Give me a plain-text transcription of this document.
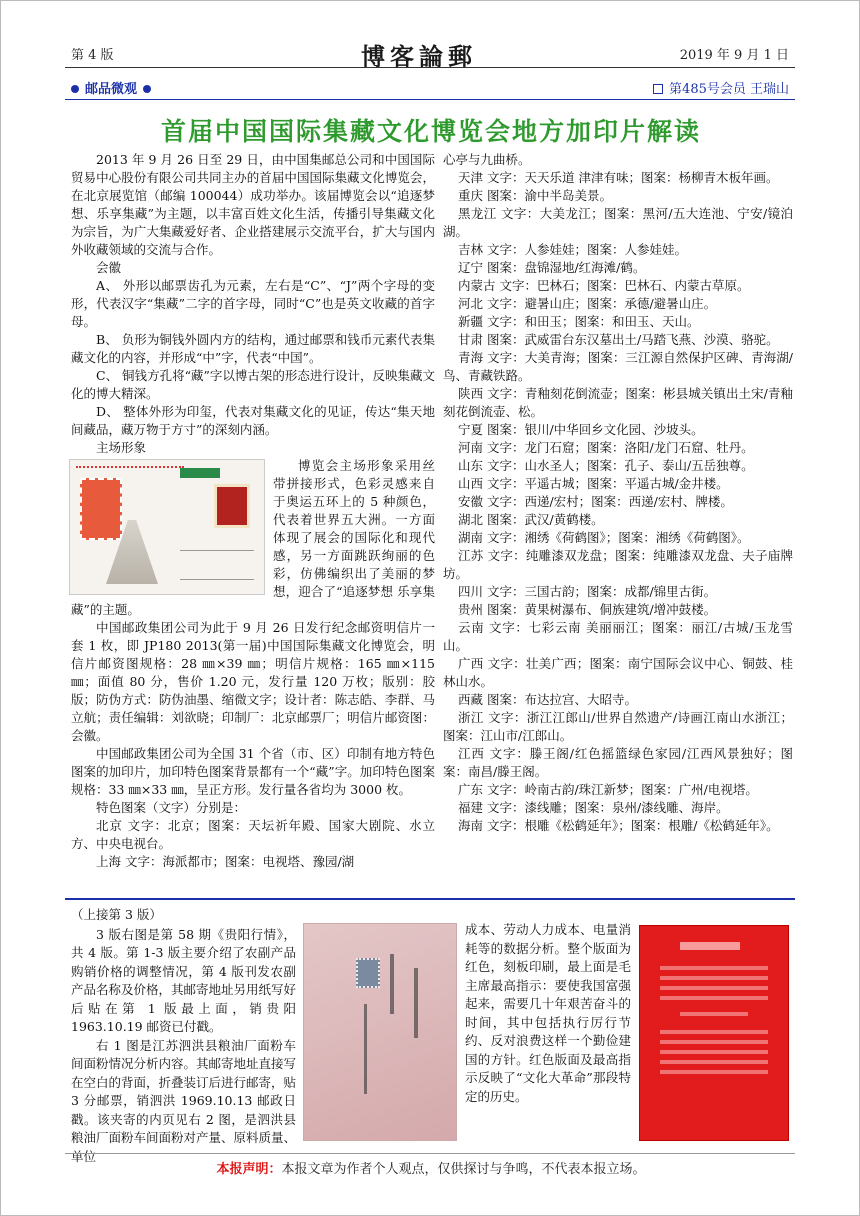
第 4 版	博客論郵	2019 年 9 月 1 日
邮品微观	第485号会员 王瑞山
首届中国国际集藏文化博览会地方加印片解读

2013 年 9 月 26 日至 29 日，由中国集邮总公司和中国国际贸易中心股份有限公司共同主办的首届中国国际集藏文化博览会，在北京展览馆（邮编 100044）成功举办。该届博览会以“追逐梦想、乐享集藏”为主题，以丰富百姓文化生活，传播引导集藏文化为宗旨，为广大集藏爱好者、企业搭建展示交流平台，扩大与国内外收藏领域的交流与合作。

会徽

A、 外形以邮票齿孔为元素，左右是“C”、“J”两个字母的变形，代表汉字“集藏”二字的首字母，同时“C”也是英文收藏的首字母。

B、 负形为铜钱外圆内方的结构，通过邮票和钱币元素代表集藏文化的内容，并形成“中”字，代表“中国”。

C、 铜钱方孔将“藏”字以博古架的形态进行设计，反映集藏文化的博大精深。

D、 整体外形为印玺，代表对集藏文化的见证，传达“集天地间藏品，藏万物于方寸”的深刻内涵。

主场形象

博览会主场形象采用丝带拼接形式，色彩灵感来自于奥运五环上的 5 种颜色，代表着世界五大洲。一方面体现了展会的国际化和现代感，另一方面跳跃绚丽的色彩，仿佛编织出了美丽的梦想，迎合了“追逐梦想 乐享集藏”的主题。

中国邮政集团公司为此于 9 月 26 日发行纪念邮资明信片一套 1 枚，即 JP180 2013(第一届)中国国际集藏文化博览会，明信片邮资图规格：28 ㎜×39 ㎜；明信片规格：165 ㎜×115 ㎜；面值 80 分，售价 1.20 元，发行量 120 万枚；版别：胶版；防伪方式：防伪油墨、缩微文字；设计者：陈志皓、李群、马立航；责任编辑：刘欲晓；印制厂：北京邮票厂；明信片邮资图：会徽。

中国邮政集团公司为全国 31 个省（市、区）印制有地方特色图案的加印片，加印特色图案背景都有一个“藏”字。加印特色图案规格：33 ㎜×33 ㎜，呈正方形。发行量各省均为 3000 枚。

特色图案（文字）分别是：

北京 文字：北京；图案：天坛祈年殿、国家大剧院、水立方、中央电视台。

上海 文字：海派都市；图案：电视塔、豫园/湖

心亭与九曲桥。

天津 文字：天天乐道 津津有味；图案：杨柳青木板年画。

重庆 图案：渝中半岛美景。

黑龙江 文字：大美龙江；图案：黑河/五大连池、宁安/镜泊湖。

吉林 文字：人参娃娃；图案：人参娃娃。

辽宁 图案：盘锦湿地/红海滩/鹤。

内蒙古 文字：巴林石；图案：巴林石、内蒙古草原。

河北 文字：避暑山庄；图案：承德/避暑山庄。

新疆 文字：和田玉；图案：和田玉、天山。

甘肃 图案：武威雷台东汉墓出土/马踏飞燕、沙漠、骆驼。

青海 文字：大美青海；图案：三江源自然保护区碑、青海湖/鸟、青藏铁路。

陕西 文字：青釉刻花倒流壶；图案：彬县城关镇出土宋/青釉刻花倒流壶、松。

宁夏 图案：银川/中华回乡文化园、沙坡头。

河南 文字：龙门石窟；图案：洛阳/龙门石窟、牡丹。

山东 文字：山水圣人；图案：孔子、泰山/五岳独尊。

山西 文字：平遥古城；图案：平遥古城/金井楼。

安徽 文字：西递/宏村；图案：西递/宏村、牌楼。

湖北 图案：武汉/黄鹤楼。

湖南 文字：湘绣《荷鹤图》；图案：湘绣《荷鹤图》。

江苏 文字：纯雕漆双龙盘；图案：纯雕漆双龙盘、夫子庙牌坊。

四川 文字：三国古韵；图案：成都/锦里古街。

贵州 图案：黄果树瀑布、侗族建筑/增冲鼓楼。

云南 文字：七彩云南 美丽丽江；图案：丽江/古城/玉龙雪山。

广西 文字：壮美广西；图案：南宁国际会议中心、铜鼓、桂林山水。

西藏 图案：布达拉宫、大昭寺。

浙江 文字：浙江江郎山/世界自然遗产/诗画江南山水浙江；图案：江山市/江郎山。

江西 文字：滕王阁/红色摇篮绿色家园/江西风景独好；图案：南昌/滕王阁。

广东 文字：岭南古韵/珠江新梦；图案：广州/电视塔。

福建 文字：漆线雕；图案：泉州/漆线雕、海岸。

海南 文字：根雕《松鹤延年》；图案：根雕/《松鹤延年》。

（上接第 3 版）

3 版右图是第 58 期《贵阳行情》，共 4 版。第 1-3 版主要介绍了农副产品购销价格的调整情况，第 4 版刊发农副产品名称及价格，其邮寄地址另用纸写好后贴在第 1 版最上面，销贵阳 1963.10.19 邮资已付戳。

右 1 图是江苏泗洪县粮油厂面粉车间面粉情况分析内容。其邮寄地址直接写在空白的背面，折叠装订后进行邮寄，贴 3 分邮票，销泗洪 1969.10.13 邮政日戳。该夹寄的内页见右 2 图，是泗洪县粮油厂面粉车间面粉对产量、原料质量、单位

成本、劳动人力成本、电量消耗等的数据分析。整个版面为红色，刻板印刷，最上面是毛主席最高指示：要使我国富强起来，需要几十年艰苦奋斗的时间，其中包括执行厉行节约、反对浪费这样一个勤俭建国的方针。红色版面及最高指示反映了“文化大革命”那段特定的历史。
本报声明：本报文章为作者个人观点，仅供探讨与争鸣，不代表本报立场。
